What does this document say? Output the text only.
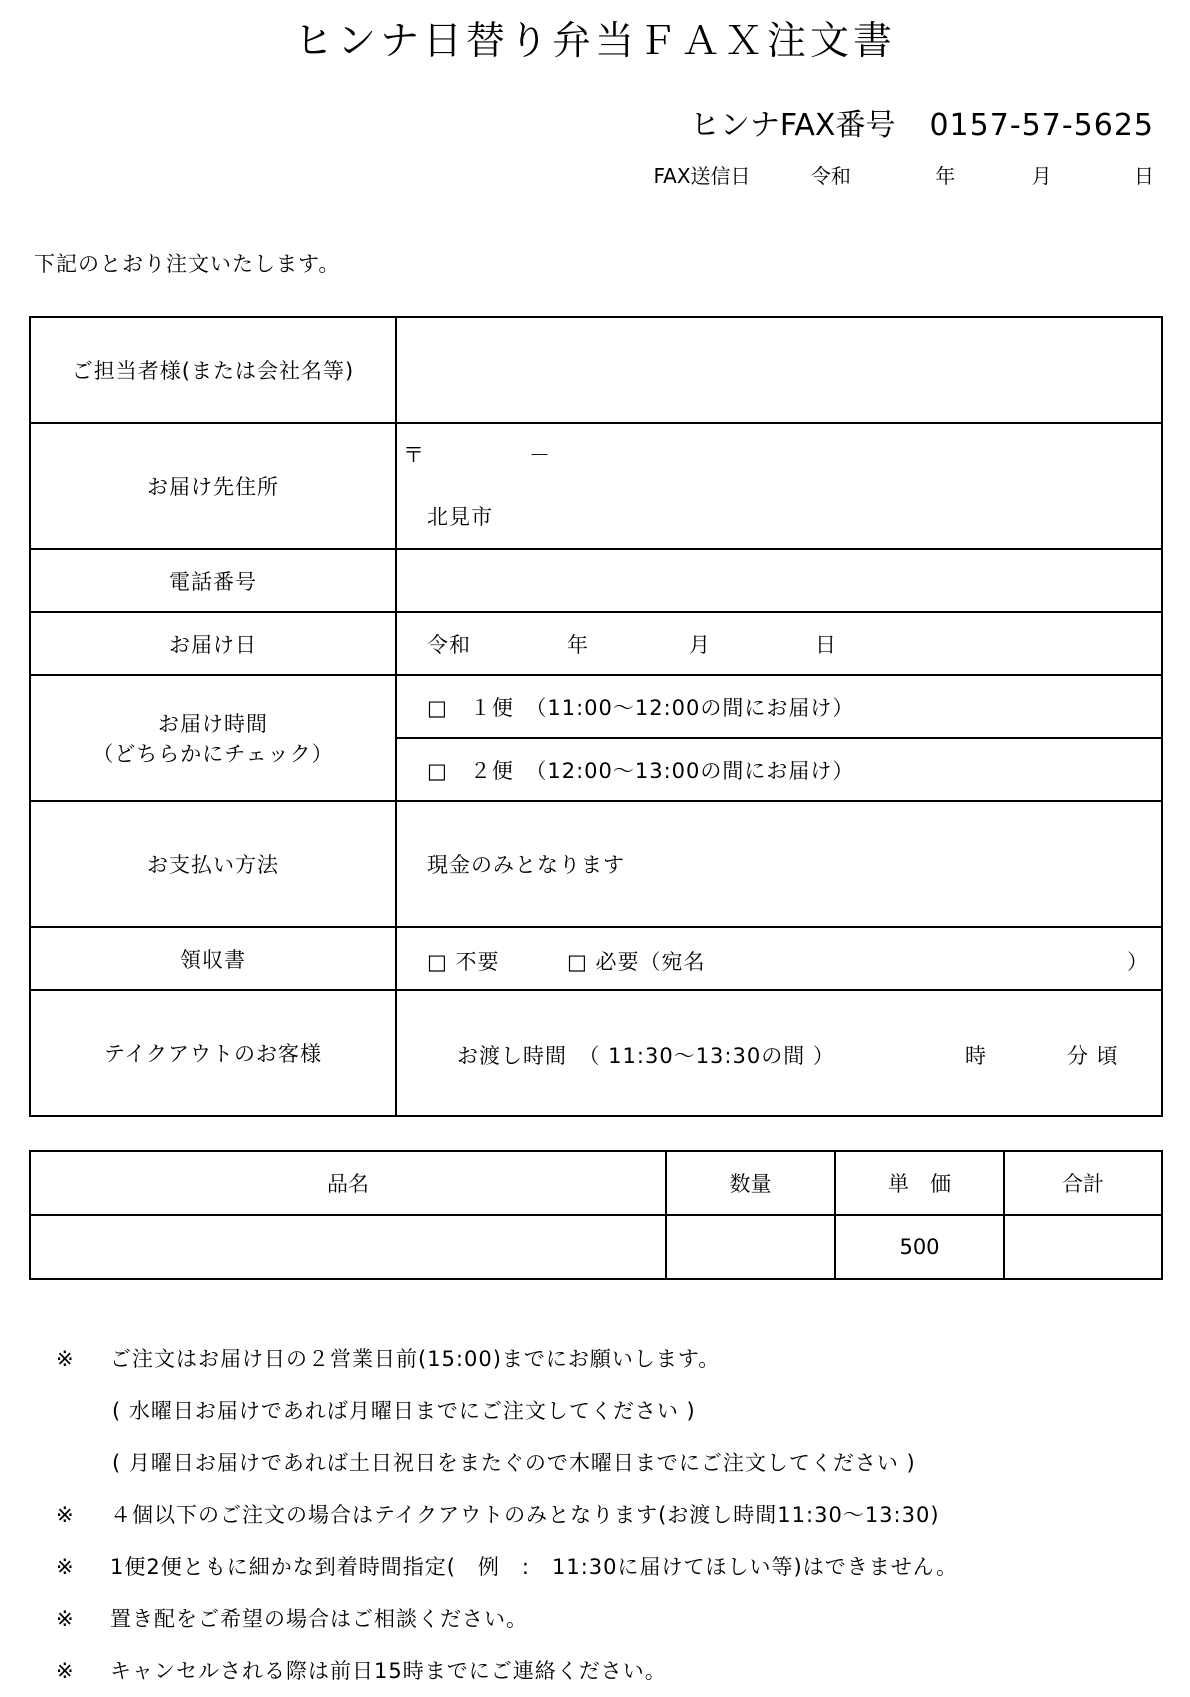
ヒンナ日替り弁当ＦＡＸ注文書
ヒンナFAX番号 0157-57-5625
FAX送信日	令和	年	月	日
下記のとおり注文いたします。
ご担当者様(または会社名等)	
お届け先住所	〒 －
北見市

電話番号	
お届け日	令和 年 月 日

お届け時間
（どちらかにチェック）	□　１便　（11:00～12:00の間にお届け）
	□　２便　（12:00～13:00の間にお届け）
お支払い方法	現金のみとなります
領収書	□ 不要 □ 必要（宛名 ）

テイクアウトのお客様	お渡し時間　（ 11:30～13:30の間 ） 時 分 頃
品名	数量	単　価	合計
		500	
※ ご注文はお届け日の２営業日前(15:00)までにお願いします。
( 水曜日お届けであれば月曜日までにご注文してください )
( 月曜日お届けであれば土日祝日をまたぐので木曜日までにご注文してください )
※ ４個以下のご注文の場合はテイクアウトのみとなります(お渡し時間11:30～13:30)
※ 1便2便ともに細かな到着時間指定(　例　:　11:30に届けてほしい等)はできません。
※ 置き配をご希望の場合はご相談ください。
※ キャンセルされる際は前日15時までにご連絡ください。
